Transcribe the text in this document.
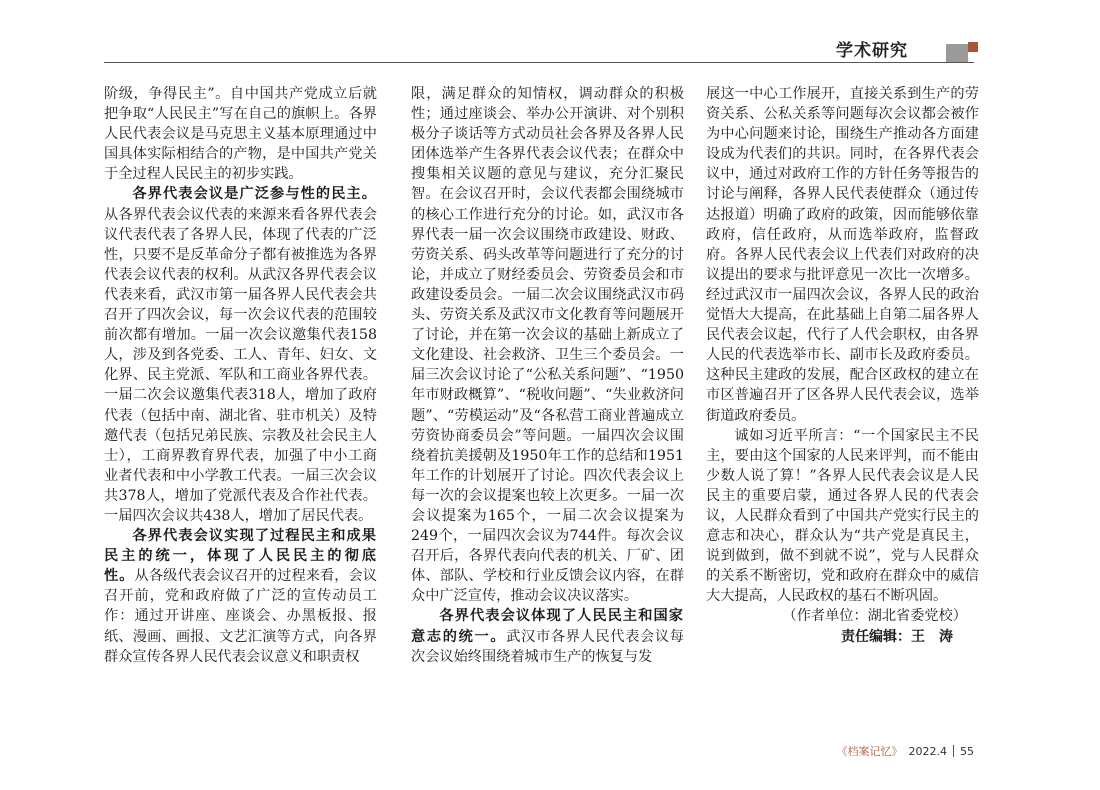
学术研究

阶级，争得民主”。自中国共产党成立后就把争取“人民民主”写在自己的旗帜上。各界人民代表会议是马克思主义基本原理通过中国具体实际相结合的产物，是中国共产党关于全过程人民民主的初步实践。

各界代表会议是广泛参与性的民主。从各界代表会议代表的来源来看各界代表会议代表代表了各界人民，体现了代表的广泛性，只要不是反革命分子都有被推选为各界代表会议代表的权利。从武汉各界代表会议代表来看，武汉市第一届各界人民代表会共召开了四次会议，每一次会议代表的范围较前次都有增加。一届一次会议邀集代表158人，涉及到各党委、工人、青年、妇女、文化界、民主党派、军队和工商业各界代表。一届二次会议邀集代表318人，增加了政府代表（包括中南、湖北省、驻市机关）及特邀代表（包括兄弟民族、宗教及社会民主人士），工商界教育界代表，加强了中小工商业者代表和中小学教工代表。一届三次会议共378人，增加了党派代表及合作社代表。一届四次会议共438人，增加了居民代表。

各界代表会议实现了过程民主和成果民主的统一，体现了人民民主的彻底性。从各级代表会议召开的过程来看，会议召开前，党和政府做了广泛的宣传动员工作：通过开讲座、座谈会、办黑板报、报纸、漫画、画报、文艺汇演等方式，向各界群众宣传各界人民代表会议意义和职责权

限，满足群众的知情权，调动群众的积极性；通过座谈会、举办公开演讲、对个别积极分子谈话等方式动员社会各界及各界人民团体选举产生各界代表会议代表；在群众中搜集相关议题的意见与建议，充分汇聚民智。在会议召开时，会议代表都会围绕城市的核心工作进行充分的讨论。如，武汉市各界代表一届一次会议围绕市政建设、财政、劳资关系、码头改革等问题进行了充分的讨论，并成立了财经委员会、劳资委员会和市政建设委员会。一届二次会议围绕武汉市码头、劳资关系及武汉市文化教育等问题展开了讨论，并在第一次会议的基础上新成立了文化建设、社会救济、卫生三个委员会。一届三次会议讨论了“公私关系问题”、“1950年市财政概算”、“税收问题”、“失业救济问题”、“劳模运动”及“各私营工商业普遍成立劳资协商委员会”等问题。一届四次会议围绕着抗美援朝及1950年工作的总结和1951年工作的计划展开了讨论。四次代表会议上每一次的会议提案也较上次更多。一届一次会议提案为165个，一届二次会议提案为249个，一届四次会议为744件。每次会议召开后，各界代表向代表的机关、厂矿、团体、部队、学校和行业反馈会议内容，在群众中广泛宣传，推动会议决议落实。

各界代表会议体现了人民民主和国家意志的统一。武汉市各界人民代表会议每次会议始终围绕着城市生产的恢复与发

展这一中心工作展开，直接关系到生产的劳资关系、公私关系等问题每次会议都会被作为中心问题来讨论，围绕生产推动各方面建设成为代表们的共识。同时，在各界代表会议中，通过对政府工作的方针任务等报告的讨论与阐释，各界人民代表使群众（通过传达报道）明确了政府的政策，因而能够依靠政府，信任政府，从而选举政府，监督政府。各界人民代表会议上代表们对政府的决议提出的要求与批评意见一次比一次增多。经过武汉市一届四次会议，各界人民的政治觉悟大大提高，在此基础上自第二届各界人民代表会议起，代行了人代会职权，由各界人民的代表选举市长、副市长及政府委员。这种民主建政的发展，配合区政权的建立在市区普遍召开了区各界人民代表会议，选举街道政府委员。

诚如习近平所言：“一个国家民主不民主，要由这个国家的人民来评判，而不能由少数人说了算！”各界人民代表会议是人民民主的重要启蒙，通过各界人民的代表会议，人民群众看到了中国共产党实行民主的意志和决心，群众认为“共产党是真民主，说到做到，做不到就不说”，党与人民群众的关系不断密切，党和政府在群众中的威信大大提高，人民政权的基石不断巩固。

（作者单位：湖北省委党校）

责任编辑：王　涛

《档案记忆》 2022.4 55
